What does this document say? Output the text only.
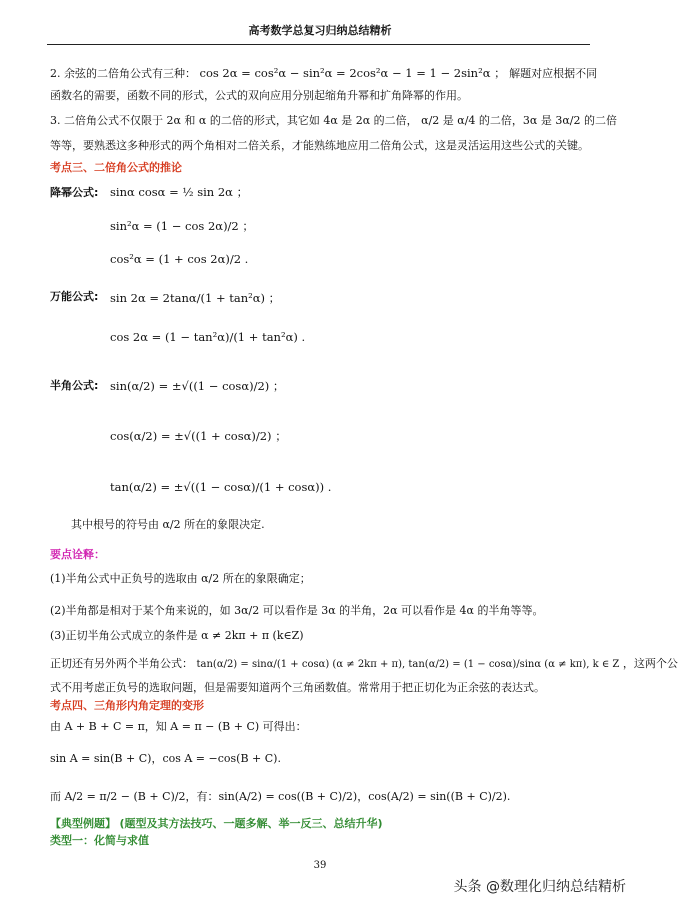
高考数学总复习归纳总结精析
2. 余弦的二倍角公式有三种： cos 2α = cos²α − sin²α = 2cos²α − 1 = 1 − 2sin²α ； 解题对应根据不同
函数名的需要，函数不同的形式，公式的双向应用分别起缩角升幂和扩角降幂的作用。
3. 二倍角公式不仅限于 2α 和 α 的二倍的形式，其它如 4α 是 2α 的二倍， α/2 是 α/4 的二倍，3α 是 3α/2 的二倍
等等，要熟悉这多种形式的两个角相对二倍关系，才能熟练地应用二倍角公式，这是灵活运用这些公式的关键。
考点三、二倍角公式的推论
降幂公式: sinα cosα = ½ sin 2α ；
sin²α = (1 − cos 2α)/2 ；
cos²α = (1 + cos 2α)/2 .
万能公式: sin 2α = 2tanα/(1 + tan²α) ；
cos 2α = (1 − tan²α)/(1 + tan²α) .
半角公式: sin(α/2) = ±√((1 − cosα)/2) ；
cos(α/2) = ±√((1 + cosα)/2) ；
tan(α/2) = ±√((1 − cosα)/(1 + cosα)) .
其中根号的符号由 α/2 所在的象限决定.
要点诠释：
(1)半角公式中正负号的选取由 α/2 所在的象限确定；
(2)半角都是相对于某个角来说的，如 3α/2 可以看作是 3α 的半角，2α 可以看作是 4α 的半角等等。
(3)正切半角公式成立的条件是 α ≠ 2kπ + π (k∈Z)
正切还有另外两个半角公式： tan(α/2) = sinα/(1 + cosα) (α ≠ 2kπ + π), tan(α/2) = (1 − cosα)/sinα (α ≠ kπ), k ∈ Z ，这两个公
式不用考虑正负号的选取问题，但是需要知道两个三角函数值。常常用于把正切化为正余弦的表达式。
考点四、三角形内角定理的变形
由 A + B + C = π，知 A = π − (B + C) 可得出：
sin A = sin(B + C)，cos A = −cos(B + C).
而 A/2 = π/2 − (B + C)/2，有：sin(A/2) = cos((B + C)/2)，cos(A/2) = sin((B + C)/2).
【典型例题】 (题型及其方法技巧、一题多解、举一反三、总结升华)
类型一：化简与求值
39
头条 @数理化归纳总结精析
